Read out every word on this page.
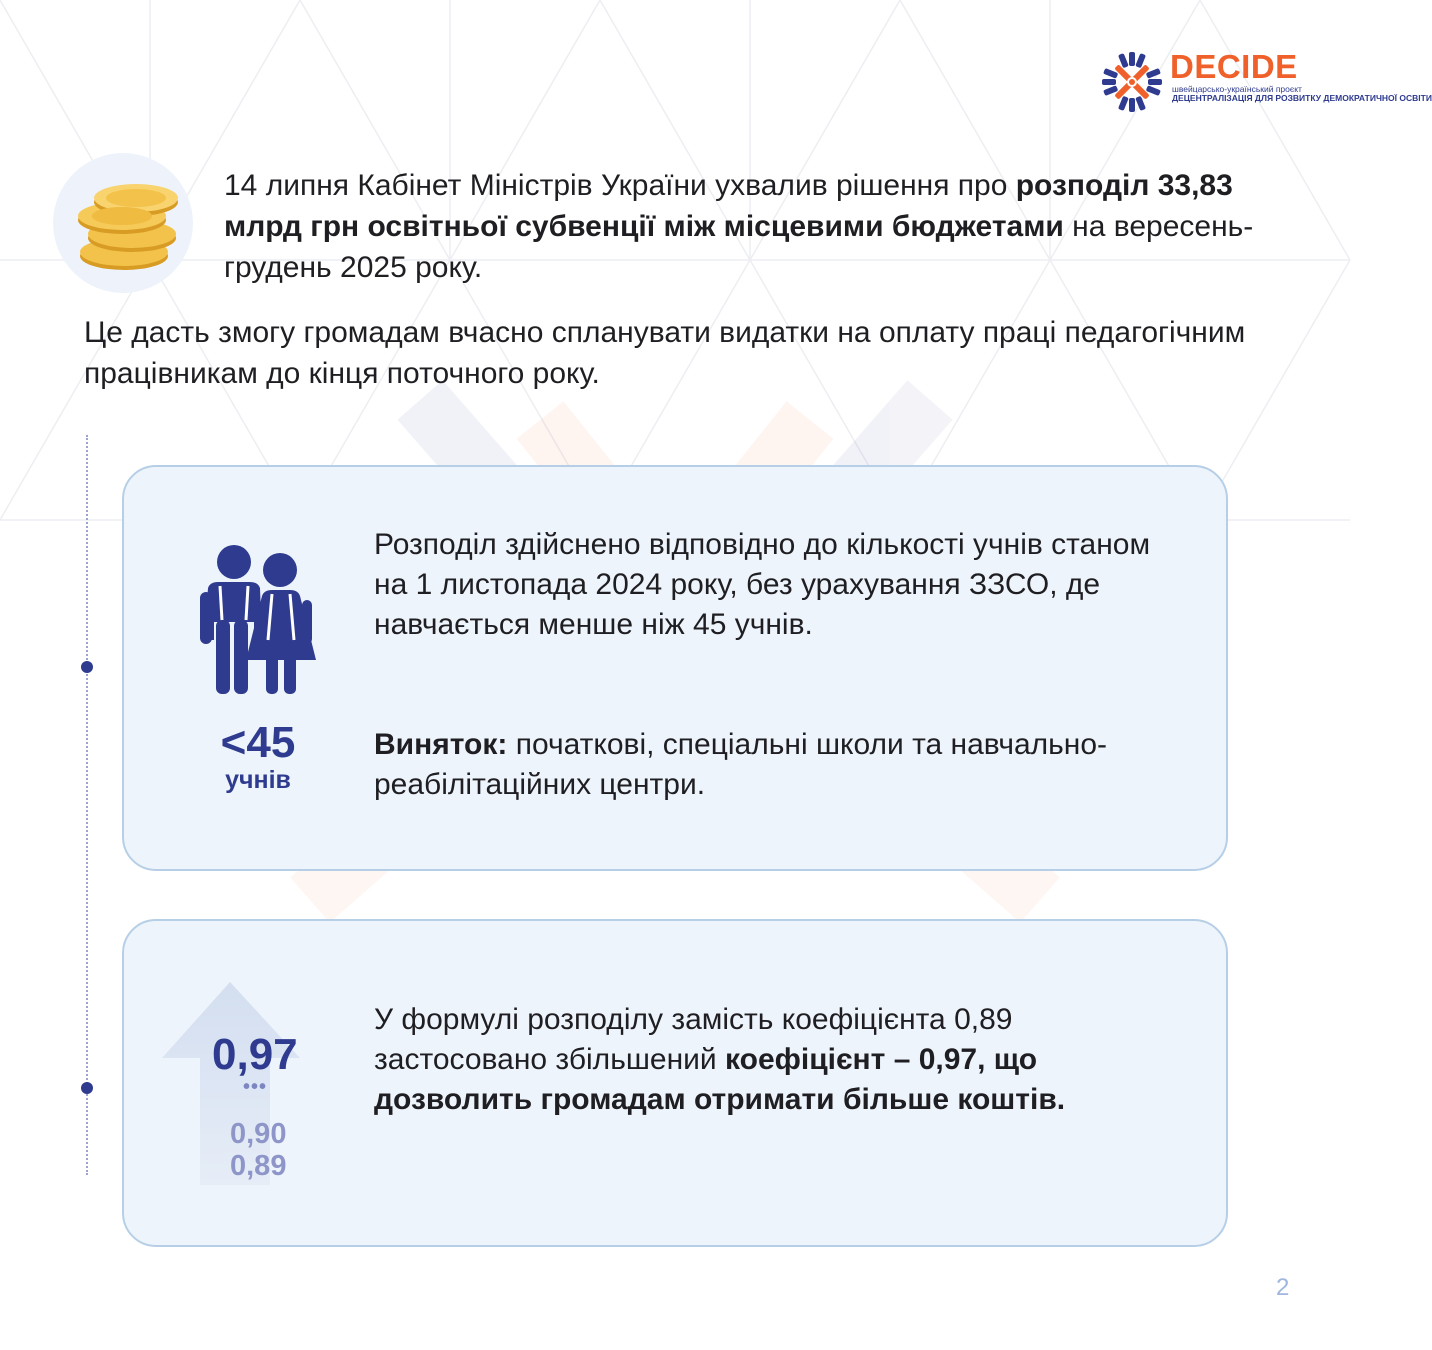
DECIDE
швейцарсько-український проєкт
ДЕЦЕНТРАЛІЗАЦІЯ ДЛЯ РОЗВИТКУ ДЕМОКРАТИЧНОЇ ОСВІТИ
14 липня Кабінет Міністрів України ухвалив рішення про розподіл 33,83 млрд грн освітньої субвенції між місцевими бюджетами на вересень-грудень 2025 року.
Це дасть змогу громадам вчасно спланувати видатки на оплату праці педагогічним працівникам до кінця поточного року.
<45
учнів
Розподіл здійснено відповідно до кількості учнів станом на 1 листопада 2024 року, без урахування ЗЗСО, де навчається менше ніж 45 учнів.
Виняток: початкові, спеціальні школи та навчально-реабілітаційних центри.
0,97
•••
0,90
0,89
У формулі розподілу замість коефіцієнта 0,89 застосовано збільшений коефіцієнт – 0,97, що дозволить громадам отримати більше коштів.
2
